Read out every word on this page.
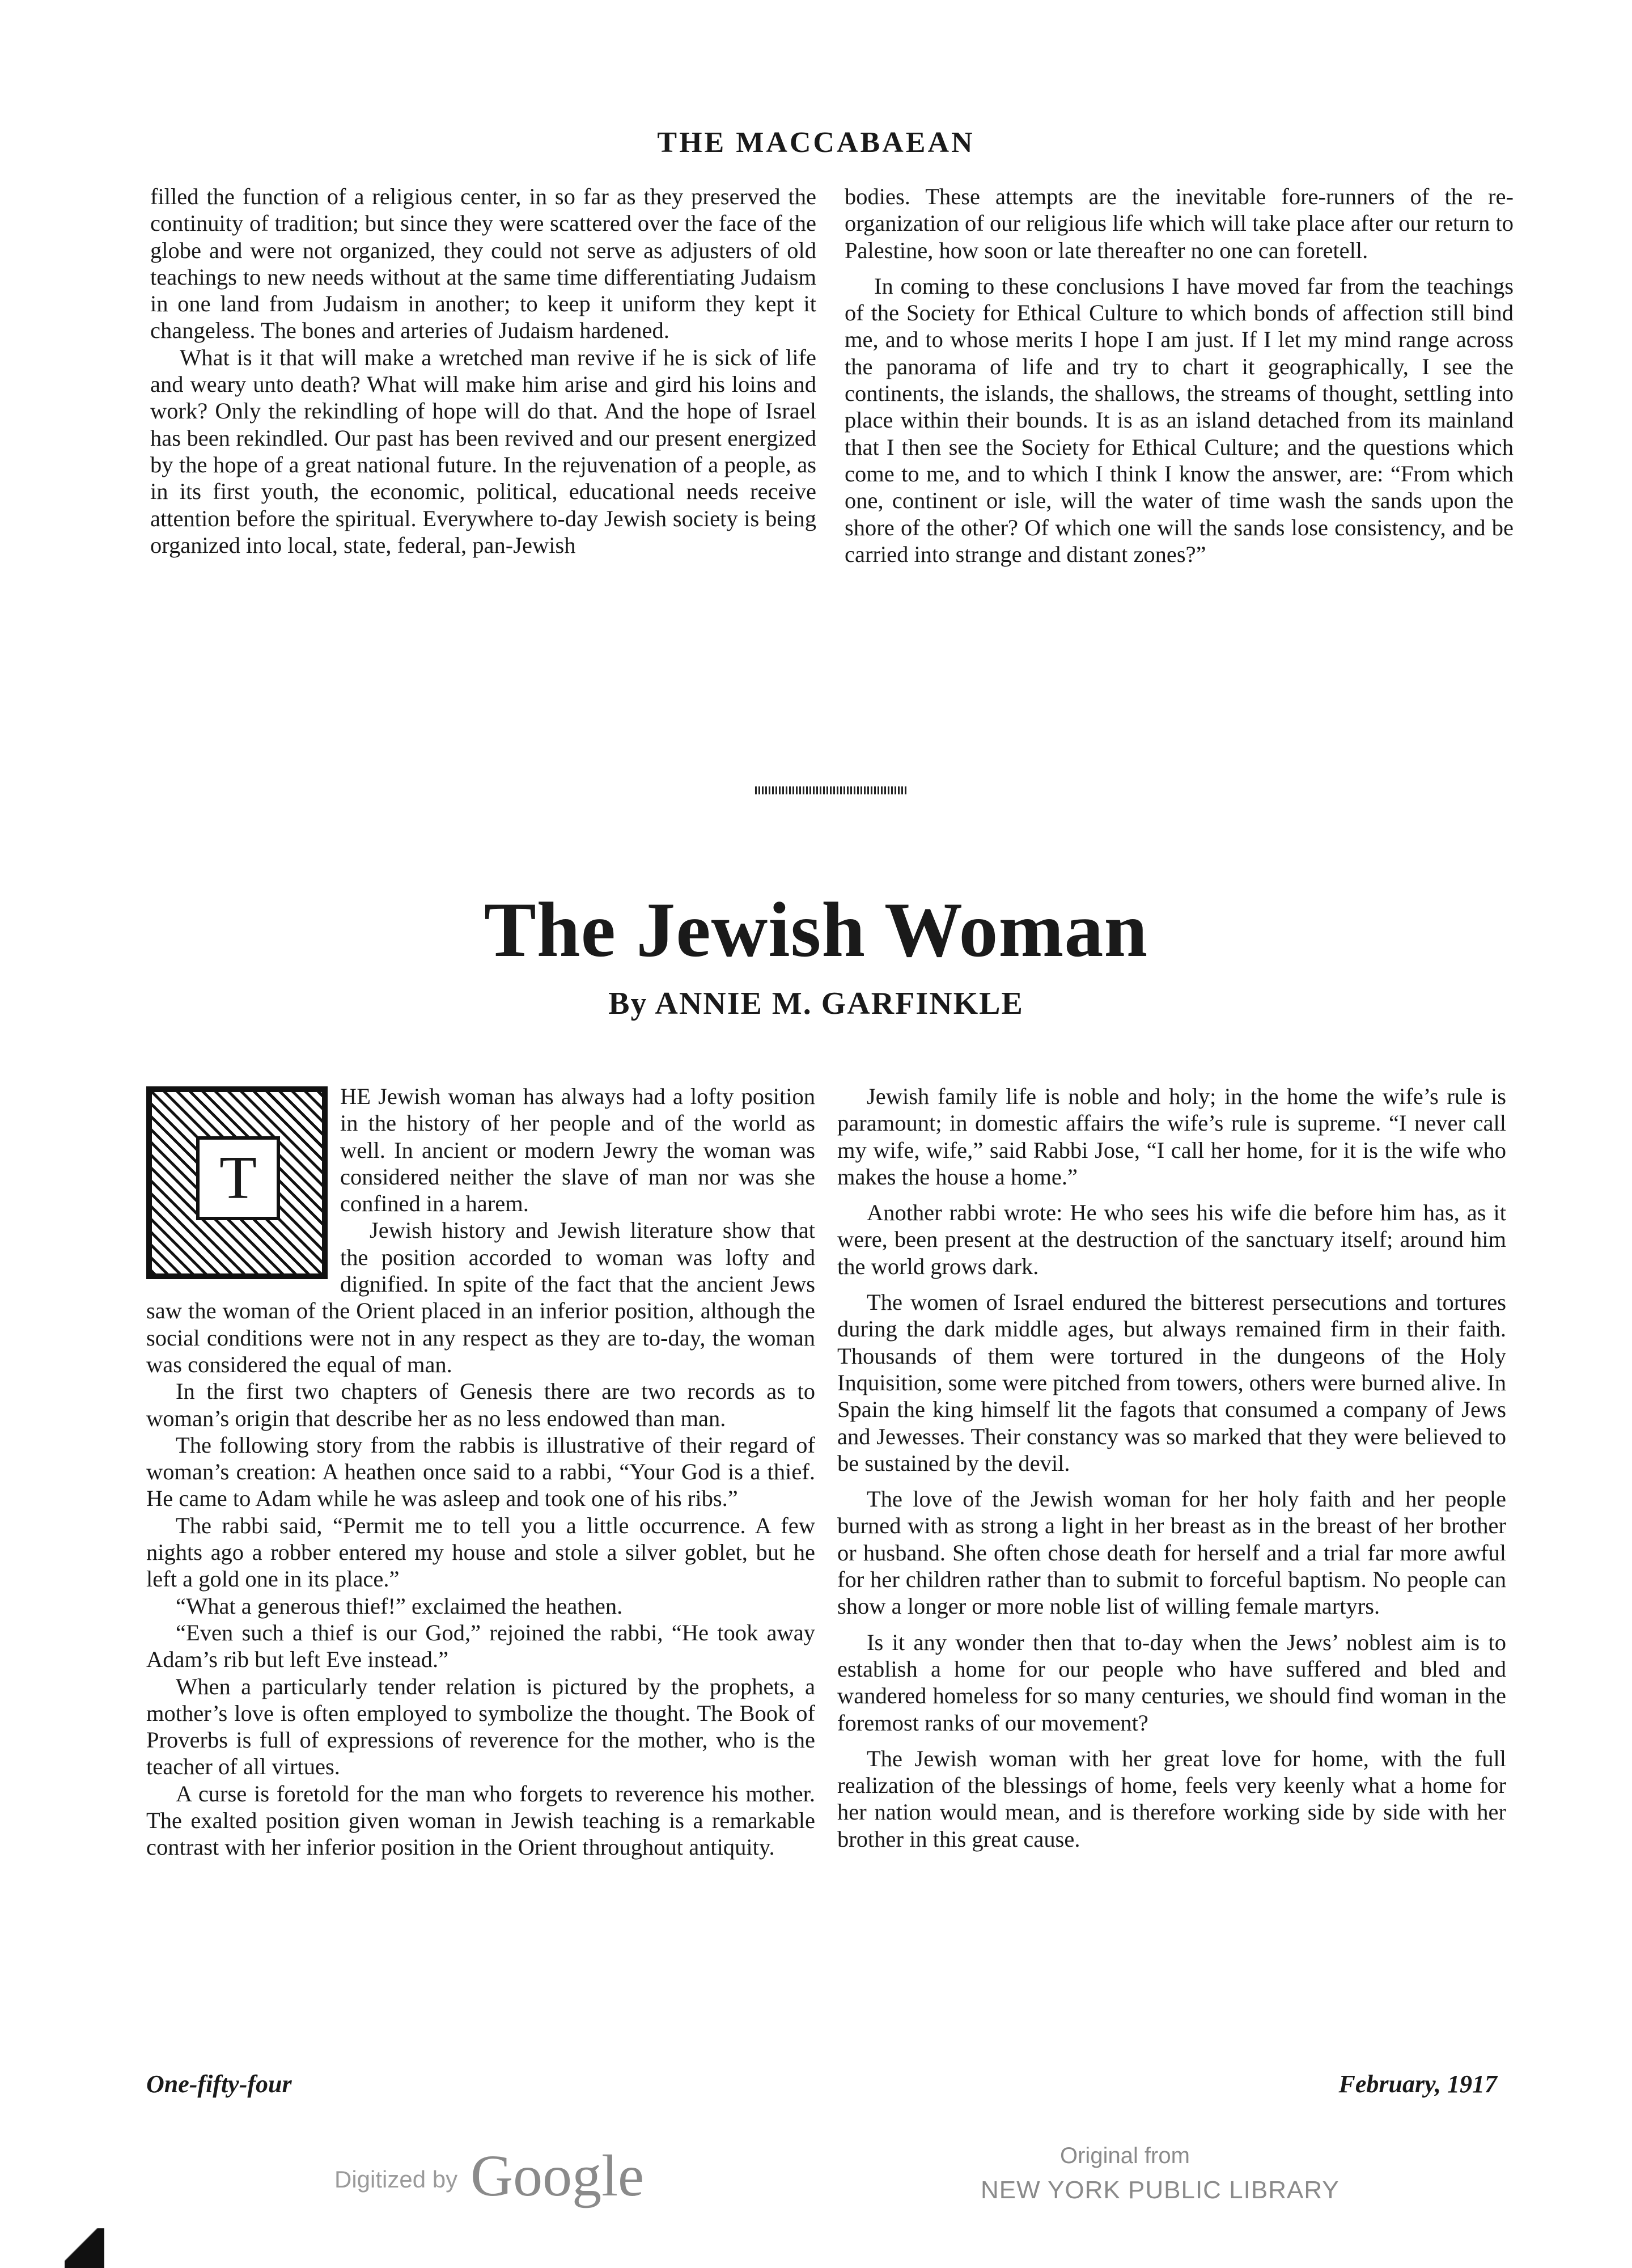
THE MACCABAEAN

filled the function of a religious center, in so far as they preserved the continuity of tradition; but since they were scattered over the face of the globe and were not organized, they could not serve as adjusters of old teachings to new needs without at the same time differentiating Judaism in one land from Judaism in another; to keep it uniform they kept it changeless. The bones and arteries of Judaism hardened.

What is it that will make a wretched man revive if he is sick of life and weary unto death? What will make him arise and gird his loins and work? Only the rekindling of hope will do that. And the hope of Israel has been rekindled. Our past has been revived and our present energized by the hope of a great national future. In the rejuvenation of a people, as in its first youth, the economic, political, educational needs receive attention before the spiritual. Everywhere to-day Jewish society is being organized into local, state, federal, pan-Jewish

bodies. These attempts are the inevitable fore-runners of the re-organization of our religious life which will take place after our return to Palestine, how soon or late thereafter no one can foretell.

In coming to these conclusions I have moved far from the teachings of the Society for Ethical Culture to which bonds of affection still bind me, and to whose merits I hope I am just. If I let my mind range across the panorama of life and try to chart it geographically, I see the continents, the islands, the shallows, the streams of thought, settling into place within their bounds. It is as an island detached from its mainland that I then see the Society for Ethical Culture; and the questions which come to me, and to which I think I know the answer, are: “From which one, continent or isle, will the water of time wash the sands upon the shore of the other? Of which one will the sands lose consistency, and be carried into strange and distant zones?”

The Jewish Woman
By ANNIE M. GARFINKLE
T

HE Jewish woman has always had a lofty position in the history of her people and of the world as well. In ancient or modern Jewry the woman was considered neither the slave of man nor was she confined in a harem.

Jewish history and Jewish literature show that the position accorded to woman was lofty and dignified. In spite of the fact that the ancient Jews saw the woman of the Orient placed in an inferior position, although the social conditions were not in any respect as they are to-day, the woman was considered the equal of man.

In the first two chapters of Genesis there are two records as to woman’s origin that describe her as no less endowed than man.

The following story from the rabbis is illustrative of their regard of woman’s creation: A heathen once said to a rabbi, “Your God is a thief. He came to Adam while he was asleep and took one of his ribs.”

The rabbi said, “Permit me to tell you a little occurrence. A few nights ago a robber entered my house and stole a silver goblet, but he left a gold one in its place.”

“What a generous thief!” exclaimed the heathen.

“Even such a thief is our God,” rejoined the rabbi, “He took away Adam’s rib but left Eve instead.”

When a particularly tender relation is pictured by the prophets, a mother’s love is often employed to symbolize the thought. The Book of Proverbs is full of expressions of reverence for the mother, who is the teacher of all virtues.

A curse is foretold for the man who forgets to reverence his mother. The exalted position given woman in Jewish teaching is a remarkable contrast with her inferior position in the Orient throughout antiquity.

Jewish family life is noble and holy; in the home the wife’s rule is paramount; in domestic affairs the wife’s rule is supreme. “I never call my wife, wife,” said Rabbi Jose, “I call her home, for it is the wife who makes the house a home.”

Another rabbi wrote: He who sees his wife die before him has, as it were, been present at the destruction of the sanctuary itself; around him the world grows dark.

The women of Israel endured the bitterest persecutions and tortures during the dark middle ages, but always remained firm in their faith. Thousands of them were tortured in the dungeons of the Holy Inquisition, some were pitched from towers, others were burned alive. In Spain the king himself lit the fagots that consumed a company of Jews and Jewesses. Their constancy was so marked that they were believed to be sustained by the devil.

The love of the Jewish woman for her holy faith and her people burned with as strong a light in her breast as in the breast of her brother or husband. She often chose death for herself and a trial far more awful for her children rather than to submit to forceful baptism. No people can show a longer or more noble list of willing female martyrs.

Is it any wonder then that to-day when the Jews’ noblest aim is to establish a home for our people who have suffered and bled and wandered homeless for so many centuries, we should find woman in the foremost ranks of our movement?

The Jewish woman with her great love for home, with the full realization of the blessings of home, feels very keenly what a home for her nation would mean, and is therefore working side by side with her brother in this great cause.

One-fifty-four	February, 1917
Digitized by Google	Original from
NEW YORK PUBLIC LIBRARY
